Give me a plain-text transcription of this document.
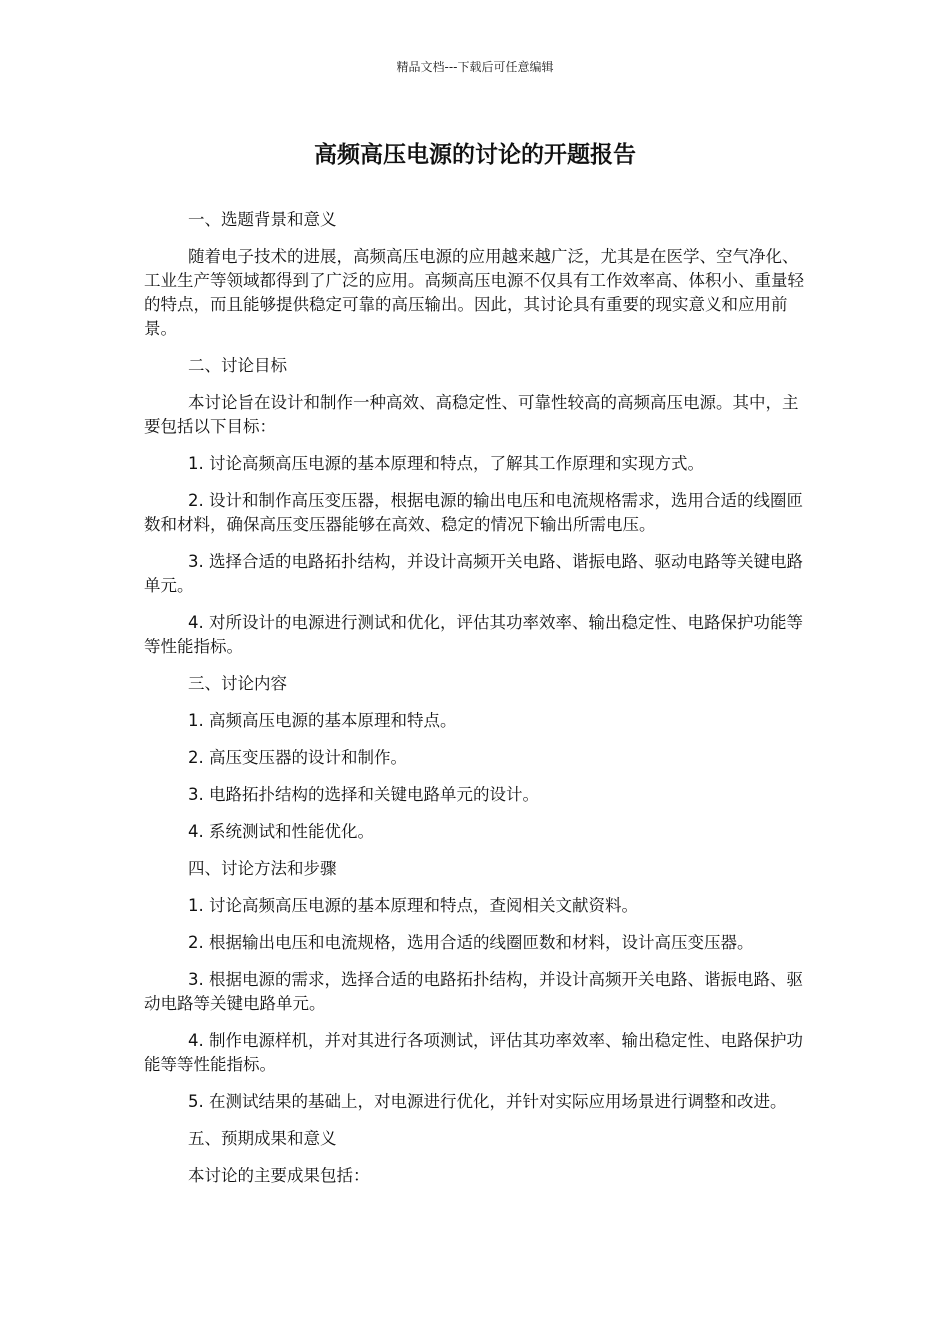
精品文档---下载后可任意编辑
高频高压电源的讨论的开题报告

一、选题背景和意义

随着电子技术的进展，高频高压电源的应用越来越广泛，尤其是在医学、空气净化、工业生产等领域都得到了广泛的应用。高频高压电源不仅具有工作效率高、体积小、重量轻的特点，而且能够提供稳定可靠的高压输出。因此，其讨论具有重要的现实意义和应用前景。

二、讨论目标

本讨论旨在设计和制作一种高效、高稳定性、可靠性较高的高频高压电源。其中，主要包括以下目标：

1. 讨论高频高压电源的基本原理和特点，了解其工作原理和实现方式。

2. 设计和制作高压变压器，根据电源的输出电压和电流规格需求，选用合适的线圈匝数和材料，确保高压变压器能够在高效、稳定的情况下输出所需电压。

3. 选择合适的电路拓扑结构，并设计高频开关电路、谐振电路、驱动电路等关键电路单元。

4. 对所设计的电源进行测试和优化，评估其功率效率、输出稳定性、电路保护功能等等性能指标。

三、讨论内容

1. 高频高压电源的基本原理和特点。

2. 高压变压器的设计和制作。

3. 电路拓扑结构的选择和关键电路单元的设计。

4. 系统测试和性能优化。

四、讨论方法和步骤

1. 讨论高频高压电源的基本原理和特点，查阅相关文献资料。

2. 根据输出电压和电流规格，选用合适的线圈匝数和材料，设计高压变压器。

3. 根据电源的需求，选择合适的电路拓扑结构，并设计高频开关电路、谐振电路、驱动电路等关键电路单元。

4. 制作电源样机，并对其进行各项测试，评估其功率效率、输出稳定性、电路保护功能等等性能指标。

5. 在测试结果的基础上，对电源进行优化，并针对实际应用场景进行调整和改进。

五、预期成果和意义

本讨论的主要成果包括：
